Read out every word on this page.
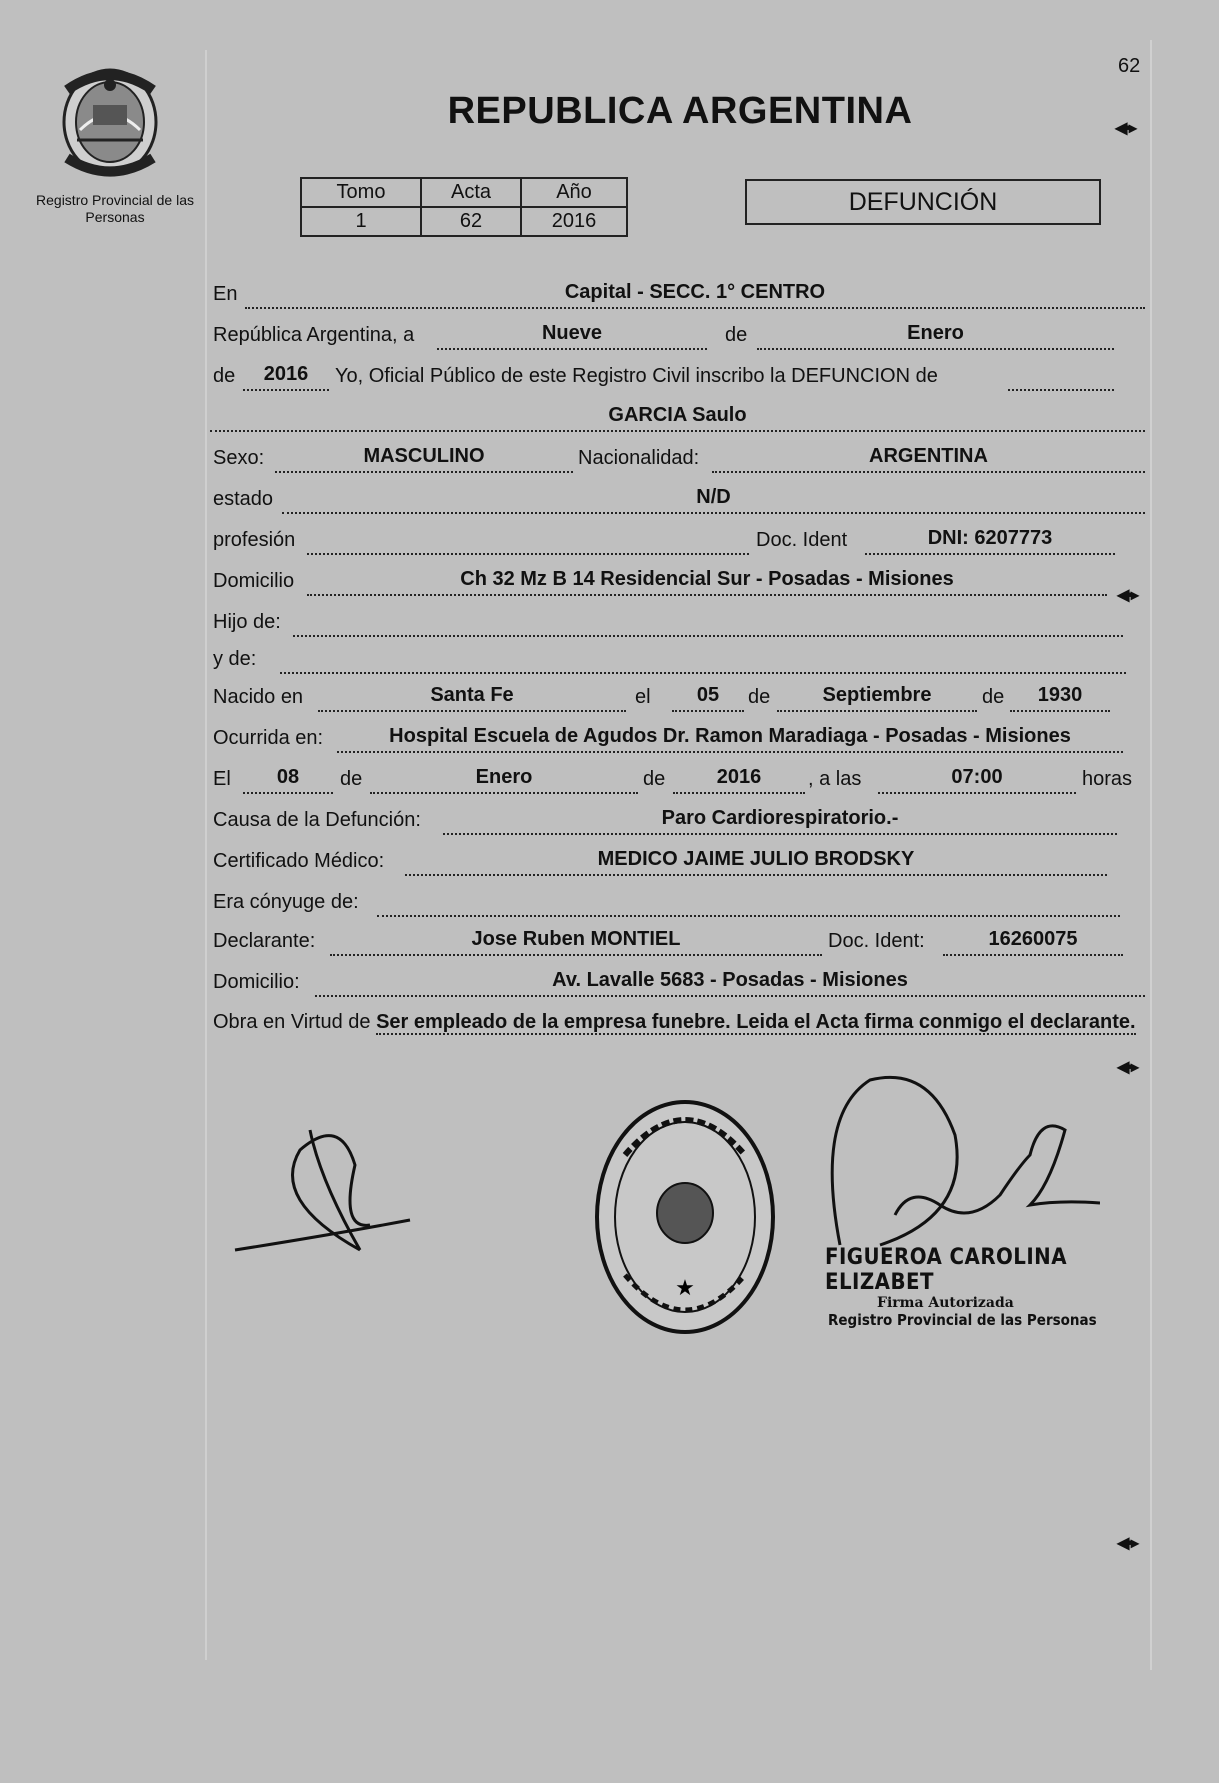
Registro Provincial de las Personas
62
REPUBLICA ARGENTINA	◀•▸
◀•▸
◀•▸
◀•▸
Tomo	Acta	Año
1	62	2016
DEFUNCIÓN
En	Capital - SECC. 1° CENTRO
República Argentina, a	Nueve	de	Enero
de	2016	Yo, Oficial Público de este Registro Civil inscribo la DEFUNCION de
GARCIA Saulo
Sexo:	MASCULINO	Nacionalidad:	ARGENTINA
estado	N/D
profesión	Doc. Ident	DNI: 6207773
Domicilio	Ch 32 Mz B 14 Residencial Sur - Posadas - Misiones
Hijo de:
y de:
Nacido en	Santa Fe	el	05	de	Septiembre	de	1930
Ocurrida en:	Hospital Escuela de Agudos Dr. Ramon Maradiaga - Posadas - Misiones
El	08	de	Enero	de	2016	, a las	07:00	horas
Causa de la Defunción:	Paro Cardiorespiratorio.-
Certificado Médico:	MEDICO JAIME JULIO BRODSKY
Era cónyuge de:
Declarante:	Jose Ruben MONTIEL	Doc. Ident:	16260075
Domicilio:	Av. Lavalle 5683 - Posadas - Misiones
Obra en Virtud de Ser empleado de la empresa funebre. Leida el Acta firma conmigo el declarante.
★
FIGUEROA CAROLINA ELIZABET
Firma Autorizada
Registro Provincial de las Personas
